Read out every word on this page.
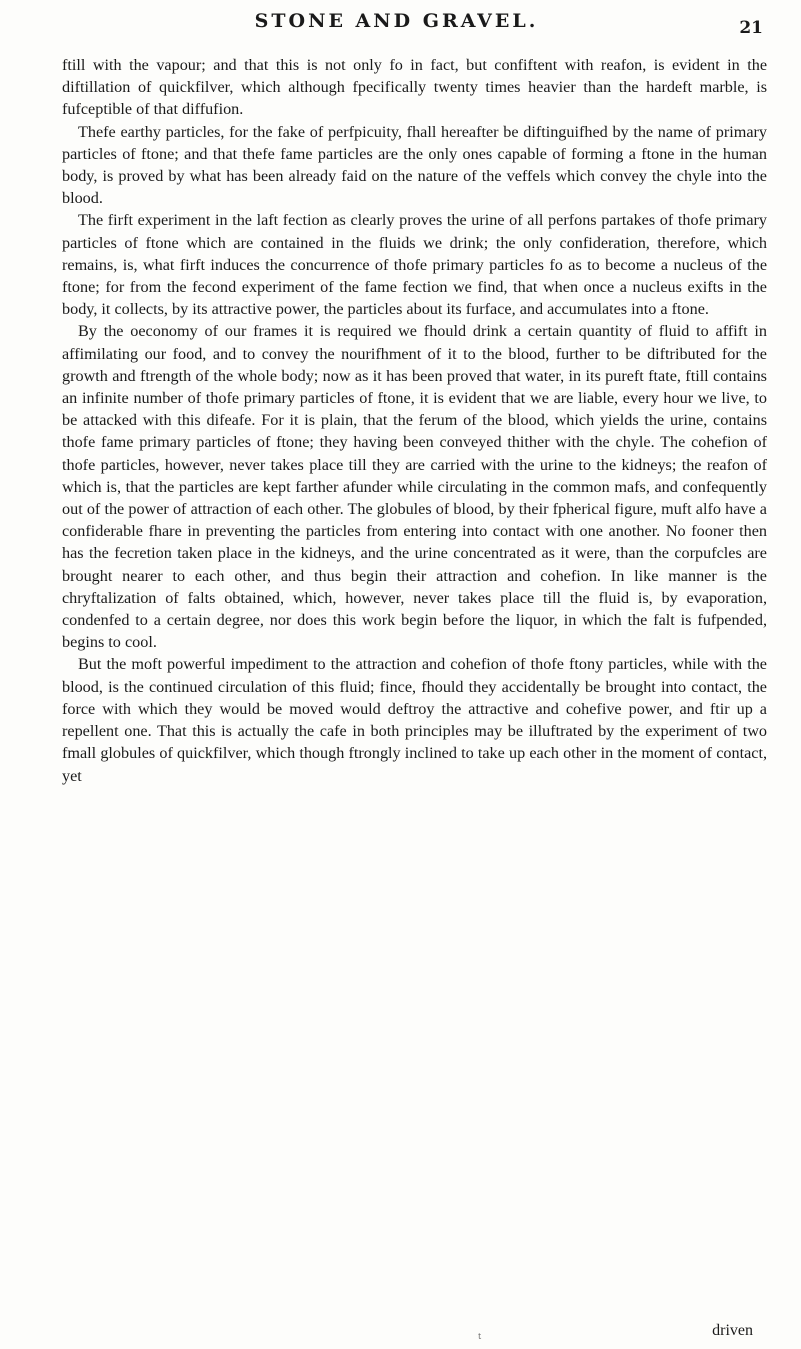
STONE AND GRAVEL.	21

ftill with the vapour; and that this is not only fo in fact, but confiftent with reafon, is evident in the diftillation of quickfilver, which although fpecifically twenty times heavier than the hardeft marble, is fufceptible of that diffufion.

Thefe earthy particles, for the fake of perfpicuity, fhall hereafter be diftinguifhed by the name of primary particles of ftone; and that thefe fame particles are the only ones capable of forming a ftone in the human body, is proved by what has been already faid on the nature of the veffels which convey the chyle into the blood.

The firft experiment in the laft fection as clearly proves the urine of all perfons partakes of thofe primary particles of ftone which are contained in the fluids we drink; the only confideration, therefore, which remains, is, what firft induces the concurrence of thofe primary particles fo as to become a nucleus of the ftone; for from the fecond experiment of the fame fection we find, that when once a nucleus exifts in the body, it collects, by its attractive power, the particles about its furface, and accumulates into a ftone.

By the oeconomy of our frames it is required we fhould drink a certain quantity of fluid to affift in affimilating our food, and to convey the nourifhment of it to the blood, further to be diftributed for the growth and ftrength of the whole body; now as it has been proved that water, in its pureft ftate, ftill contains an infinite number of thofe primary particles of ftone, it is evident that we are liable, every hour we live, to be attacked with this difeafe. For it is plain, that the ferum of the blood, which yields the urine, contains thofe fame primary particles of ftone; they having been conveyed thither with the chyle. The cohefion of thofe particles, however, never takes place till they are carried with the urine to the kidneys; the reafon of which is, that the particles are kept farther afunder while circulating in the common mafs, and confequently out of the power of attraction of each other. The globules of blood, by their fpherical figure, muft alfo have a confiderable fhare in preventing the particles from entering into contact with one another. No fooner then has the fecretion taken place in the kidneys, and the urine concentrated as it were, than the corpufcles are brought nearer to each other, and thus begin their attraction and cohefion. In like manner is the chryftalization of falts obtained, which, however, never takes place till the fluid is, by evaporation, condenfed to a certain degree, nor does this work begin before the liquor, in which the falt is fufpended, begins to cool.

But the moft powerful impediment to the attraction and cohefion of thofe ftony particles, while with the blood, is the continued circulation of this fluid; fince, fhould they accidentally be brought into contact, the force with which they would be moved would deftroy the attractive and cohefive power, and ftir up a repellent one. That this is actually the cafe in both principles may be illuftrated by the experiment of two fmall globules of quickfilver, which though ftrongly inclined to take up each other in the moment of contact, yet

driven
t
